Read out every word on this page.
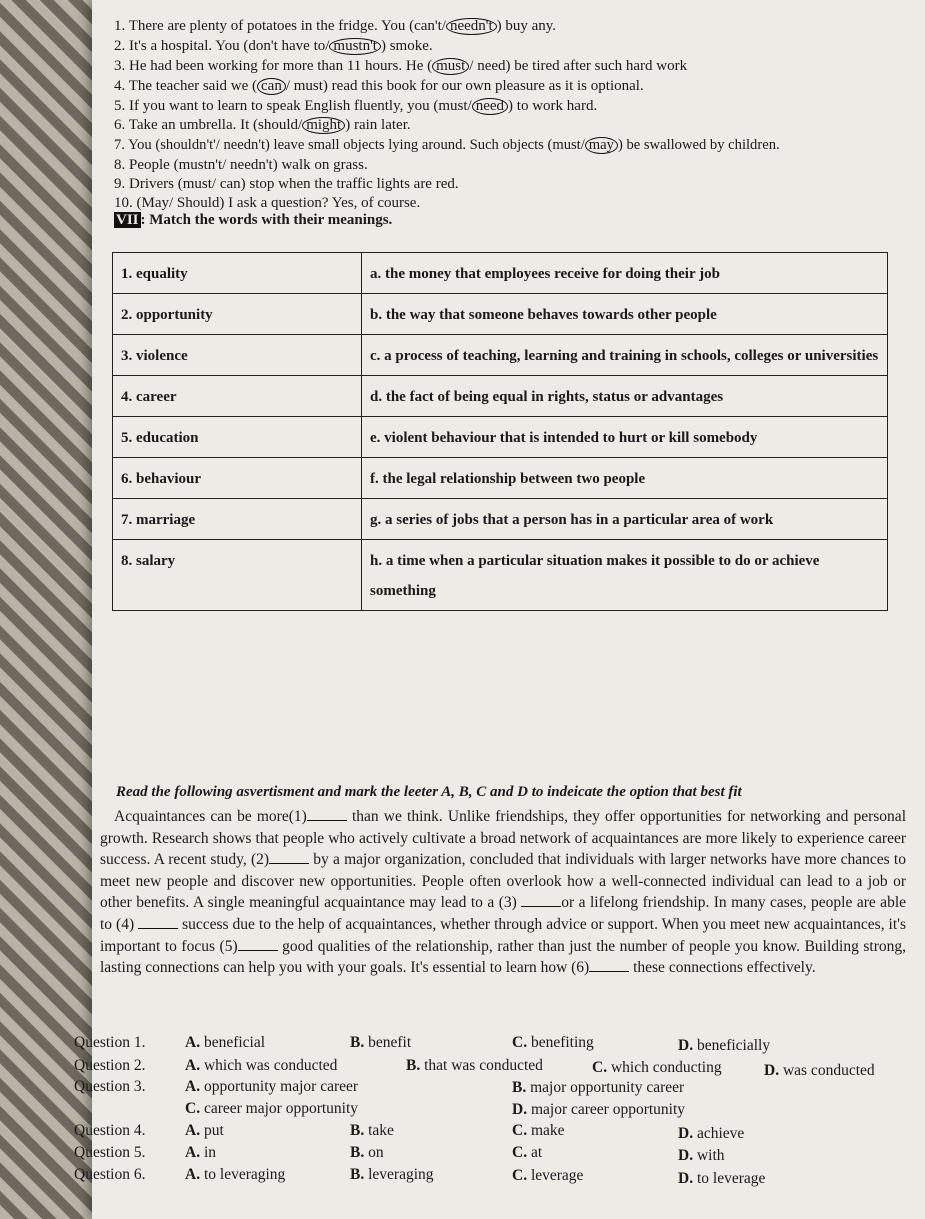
1. There are plenty of potatoes in the fridge. You (can't/ needn't ) buy any.
2. It's a hospital. You (don't have to/ mustn't ) smoke.
3. He had been working for more than 11 hours. He ( must / need) be tired after such hard work
4. The teacher said we ( can / must) read this book for our own pleasure as it is optional.
5. If you want to learn to speak English fluently, you (must/ need ) to work hard.
6. Take an umbrella. It (should/ might ) rain later.
7. You (shouldn't'/ needn't) leave small objects lying around. Such objects (must/ may ) be swallowed by children.
8. People (mustn't/ needn't) walk on grass.
9. Drivers (must/ can) stop when the traffic lights are red.
10. (May/ Should) I ask a question? Yes, of course.
VII : Match the words with their meanings.
1. equality	a. the money that employees receive for doing their job
2. opportunity	b. the way that someone behaves towards other people
3. violence	c. a process of teaching, learning and training in schools, colleges or universities
4. career	d. the fact of being equal in rights, status or advantages
5. education	e. violent behaviour that is intended to hurt or kill somebody
6. behaviour	f. the legal relationship between two people
7. marriage	g. a series of jobs that a person has in a particular area of work
8. salary	h. a time when a particular situation makes it possible to do or achieve something
Read the following asvertisment and mark the leeter A, B, C and D to indeicate the option that best fit
Acquaintances can be more(1)	than we think. Unlike friendships, they offer opportunities for networking and personal growth. Research shows that people who actively cultivate a broad network of acquaintances are more likely to experience career success. A recent study, (2)	by a major organization, concluded that individuals with larger networks have more chances to meet new people and discover new opportunities. People often overlook how a well-connected individual can lead to a job or other benefits. A single meaningful acquaintance may lead to a (3)	or a lifelong friendship. In many cases, people are able to (4)	success due to the help of acquaintances, whether through advice or support. When you meet new acquaintances, it's important to focus (5)	good qualities of the relationship, rather than just the number of people you know. Building strong, lasting connections can help you with your goals. It's essential to learn how (6)	these connections effectively.
Question 1.	A. beneficial	B. benefit	C. benefiting	D. beneficially
Question 2.	A. which was conducted	B. that was conducted	C. which conducting	D. was conducted
Question 3.	A. opportunity major career	B. major opportunity career
C. career major opportunity	D. major career opportunity
Question 4.	A. put	B. take	C. make	D. achieve
Question 5.	A. in	B. on	C. at	D. with
Question 6.	A. to leveraging	B. leveraging	C. leverage	D. to leverage
